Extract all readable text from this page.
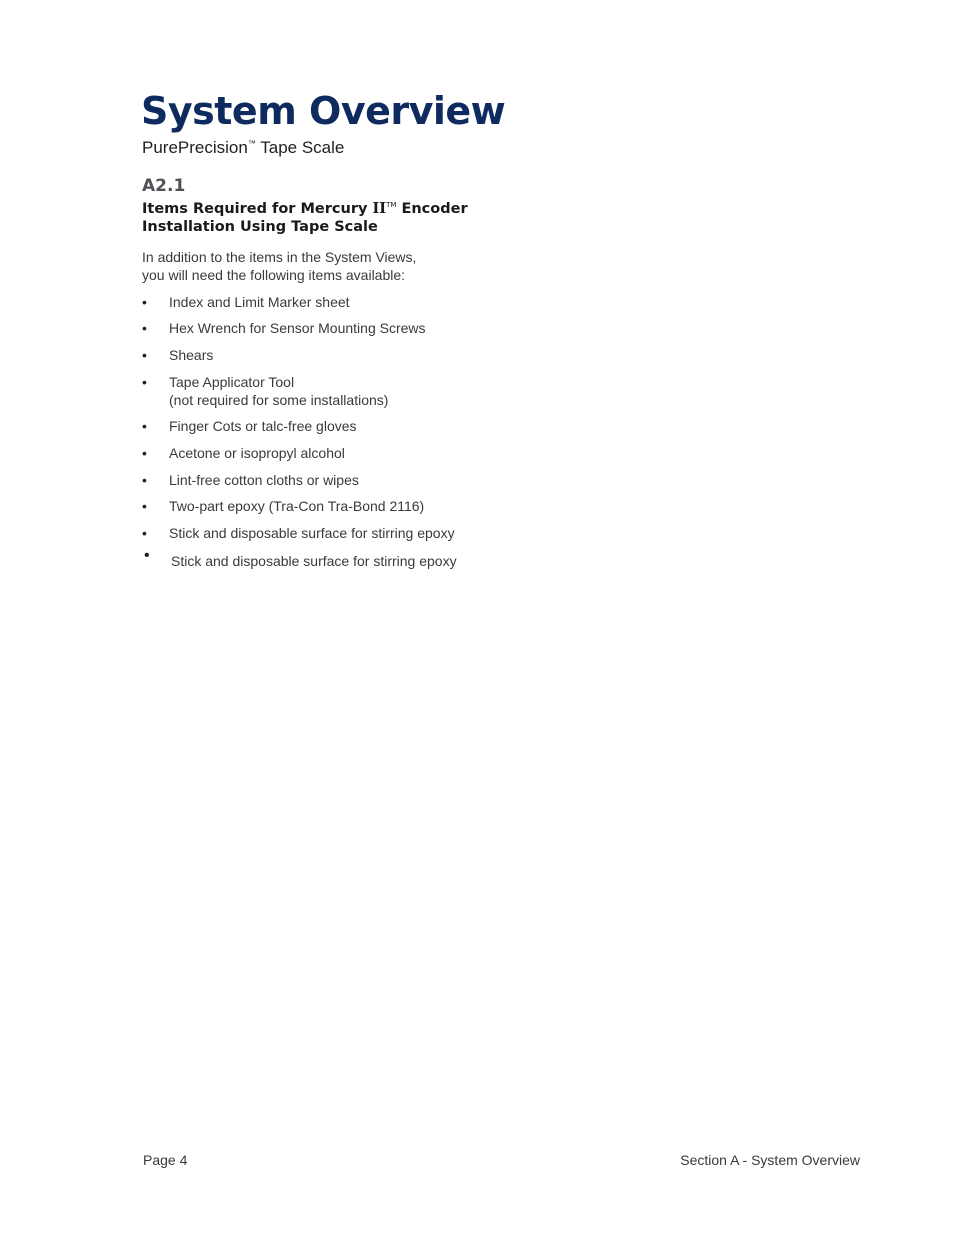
System Overview
PurePrecision™ Tape Scale
A2.1
Items Required for Mercury II™ Encoder
Installation Using Tape Scale
In addition to the items in the System Views,
you will need the following items available:
• Index and Limit Marker sheet
• Hex Wrench for Sensor Mounting Screws
• Shears
• Tape Applicator Tool
(not required for some installations)
• Finger Cots or talc-free gloves
• Acetone or isopropyl alcohol
• Lint-free cotton cloths or wipes
• Two-part epoxy (Tra-Con Tra-Bond 2116)
• Stick and disposable surface for stirring epoxy
• Stick and disposable surface for stirring epoxy
Page 4	Section A - System Overview
